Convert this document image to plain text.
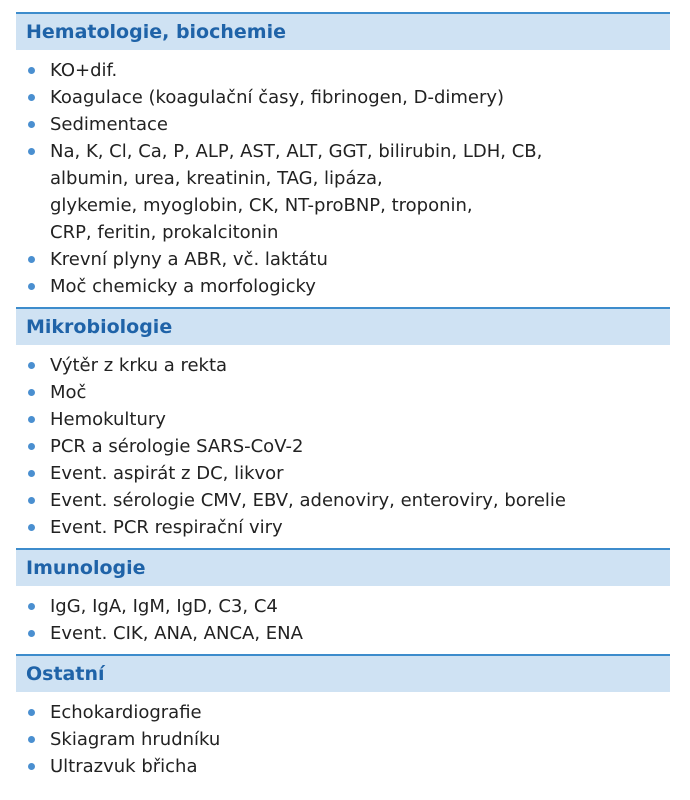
Hematologie, biochemie
KO+dif.
Koagulace (koagulační časy, fibrinogen, D-dimery)
Sedimentace
Na, K, Cl, Ca, P, ALP, AST, ALT, GGT, bilirubin, LDH, CB,
albumin, urea, kreatinin, TAG, lipáza,
glykemie, myoglobin, CK, NT-proBNP, troponin,
CRP, feritin, prokalcitonin
Krevní plyny a ABR, vč. laktátu
Moč chemicky a morfologicky
Mikrobiologie
Výtěr z krku a rekta
Moč
Hemokultury
PCR a sérologie SARS-CoV-2
Event. aspirát z DC, likvor
Event. sérologie CMV, EBV, adenoviry, enteroviry, borelie
Event. PCR respirační viry
Imunologie
IgG, IgA, IgM, IgD, C3, C4
Event. CIK, ANA, ANCA, ENA
Ostatní
Echokardiografie
Skiagram hrudníku
Ultrazvuk břicha
